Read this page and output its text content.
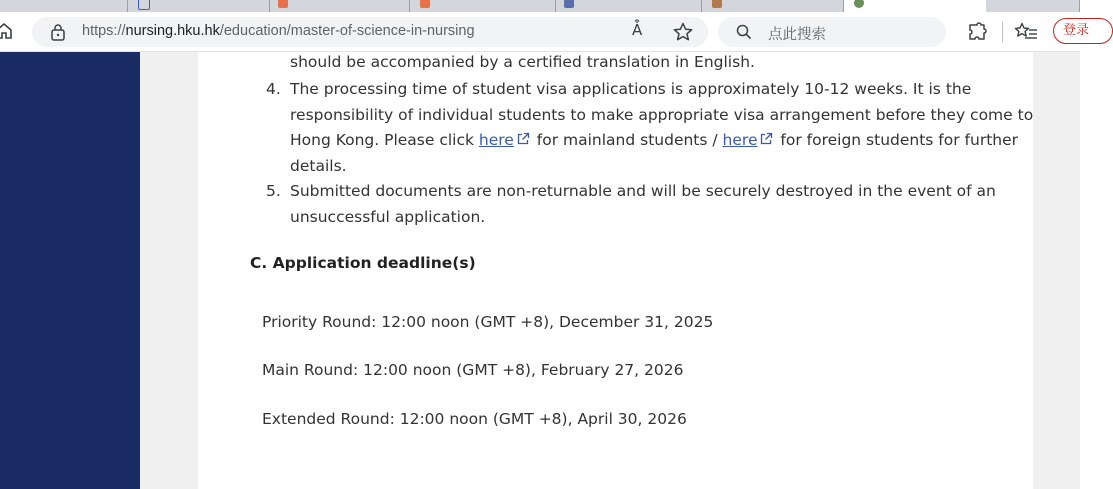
https://nursing.hku.hk/education/master-of-science-in-nursing	A͒	点此搜索	登录
should be accompanied by a certified translation in English.
4. The processing time of student visa applications is approximately 10-12 weeks. It is the
responsibility of individual students to make appropriate visa arrangement before they come to
Hong Kong. Please click here for mainland students / here for foreign students for further
details.
5. Submitted documents are non-returnable and will be securely destroyed in the event of an
unsuccessful application.
C. Application deadline(s)
Priority Round: 12:00 noon (GMT +8), December 31, 2025
Main Round: 12:00 noon (GMT +8), February 27, 2026
Extended Round: 12:00 noon (GMT +8), April 30, 2026
